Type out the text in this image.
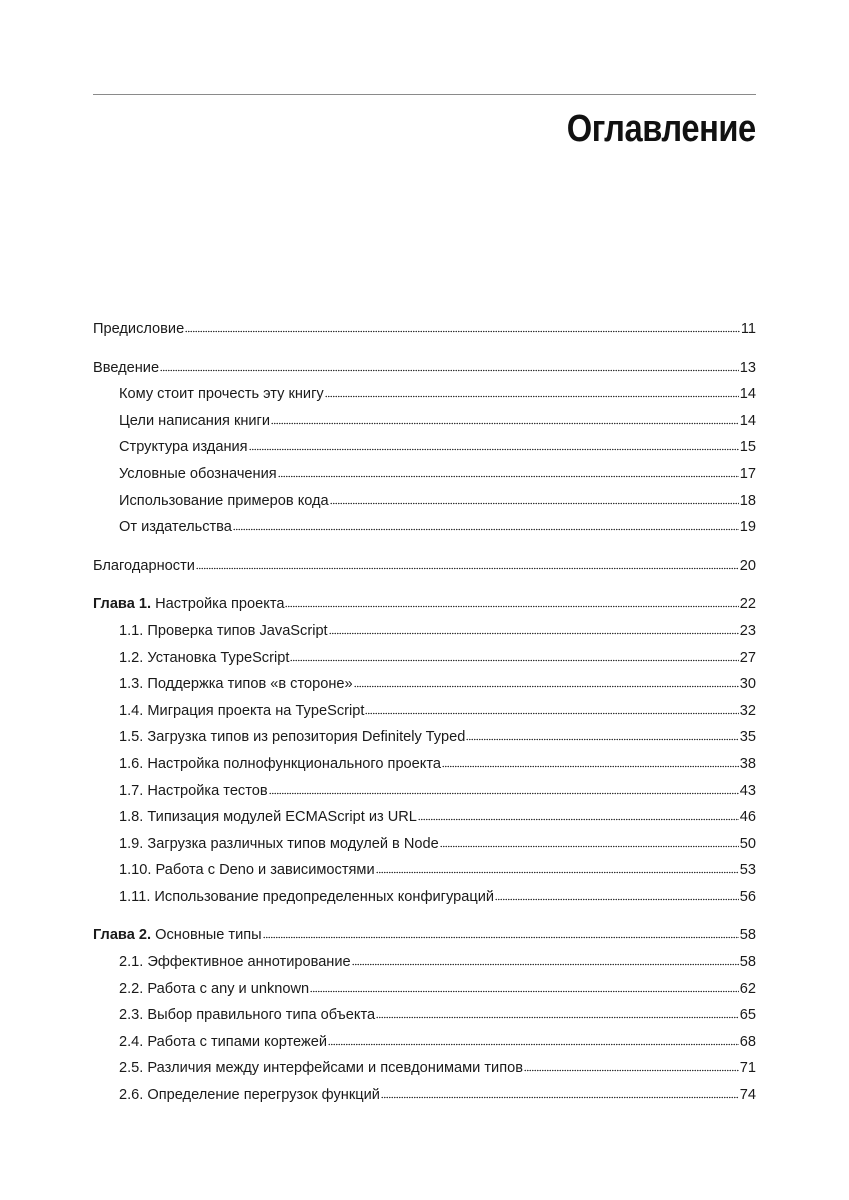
Оглавление
Предисловие	11
Введение	13
Кому стоит прочесть эту книгу	14
Цели написания книги	14
Структура издания	15
Условные обозначения	17
Использование примеров кода	18
От издательства	19
Благодарности	20
Глава 1. Настройка проекта	22
1.1. Проверка типов JavaScript	23
1.2. Установка TypeScript	27
1.3. Поддержка типов «в стороне»	30
1.4. Миграция проекта на TypeScript	32
1.5. Загрузка типов из репозитория Definitely Typed	35
1.6. Настройка полнофункционального проекта	38
1.7. Настройка тестов	43
1.8. Типизация модулей ECMAScript из URL	46
1.9. Загрузка различных типов модулей в Node	50
1.10. Работа с Deno и зависимостями	53
1.11. Использование предопределенных конфигураций	56
Глава 2. Основные типы	58
2.1. Эффективное аннотирование	58
2.2. Работа с any и unknown	62
2.3. Выбор правильного типа объекта	65
2.4. Работа с типами кортежей	68
2.5. Различия между интерфейсами и псевдонимами типов	71
2.6. Определение перегрузок функций	74
